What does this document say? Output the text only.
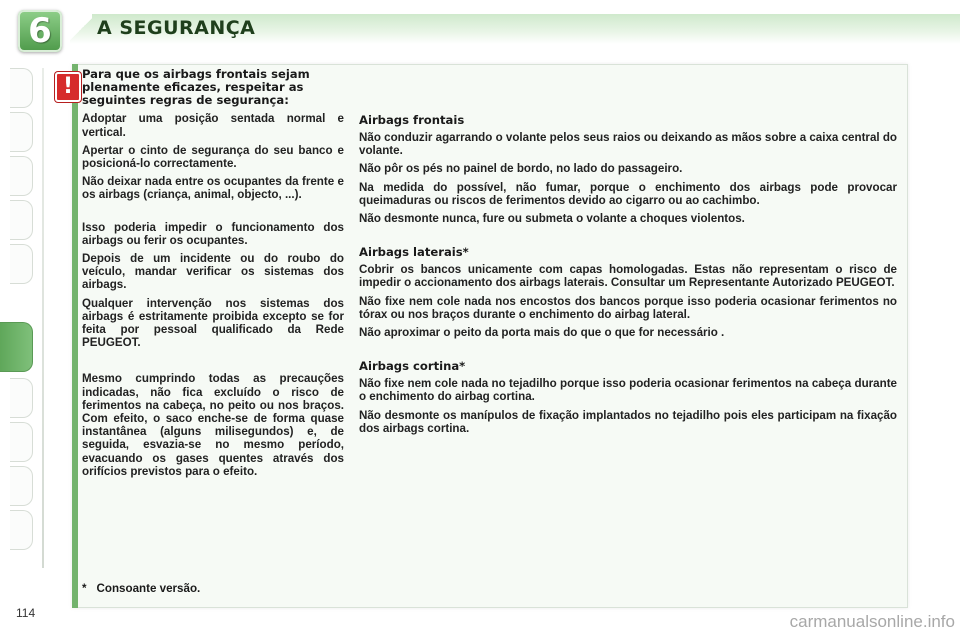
6	A SEGURANÇA
! Para que os airbags frontais sejam plenamente eficazes, respeitar as seguintes regras de segurança:

Adoptar uma posição sentada normal e vertical.

Apertar o cinto de segurança do seu banco e posicioná-lo correctamente.

Não deixar nada entre os ocupantes da frente e os airbags (criança, animal, objecto, ...).

Isso poderia impedir o funcionamento dos airbags ou ferir os ocupantes.

Depois de um incidente ou do roubo do veículo, mandar verificar os sistemas dos airbags.

Qualquer intervenção nos sistemas dos airbags é estritamente proibida excepto se for feita por pessoal qualificado da Rede PEUGEOT.

Mesmo cumprindo todas as precauções indicadas, não fica excluído o risco de ferimentos na cabeça, no peito ou nos braços. Com efeito, o saco enche-se de forma quase instantânea (alguns milisegundos) e, de seguida, esvazia-se no mesmo período, evacuando os gases quentes através dos orifícios previstos para o efeito.

Airbags frontais

Não conduzir agarrando o volante pelos seus raios ou deixando as mãos sobre a caixa central do volante.

Não pôr os pés no painel de bordo, no lado do passageiro.

Na medida do possível, não fumar, porque o enchimento dos airbags pode provocar queimaduras ou riscos de ferimentos devido ao cigarro ou ao cachimbo.

Não desmonte nunca, fure ou submeta o volante a choques violentos.

Airbags laterais*

Cobrir os bancos unicamente com capas homologadas. Estas não representam o risco de impedir o accionamento dos airbags laterais. Consultar um Representante Autorizado PEUGEOT.

Não fixe nem cole nada nos encostos dos bancos porque isso poderia ocasionar ferimentos no tórax ou nos braços durante o enchimento do airbag lateral.

Não aproximar o peito da porta mais do que o que for necessário .

Airbags cortina*

Não fixe nem cole nada no tejadilho porque isso poderia ocasionar ferimentos na cabeça durante o enchimento do airbag cortina.

Não desmonte os manípulos de fixação implantados no tejadilho pois eles participam na fixação dos airbags cortina.

* Consoante versão.
114	carmanualsonline.info
